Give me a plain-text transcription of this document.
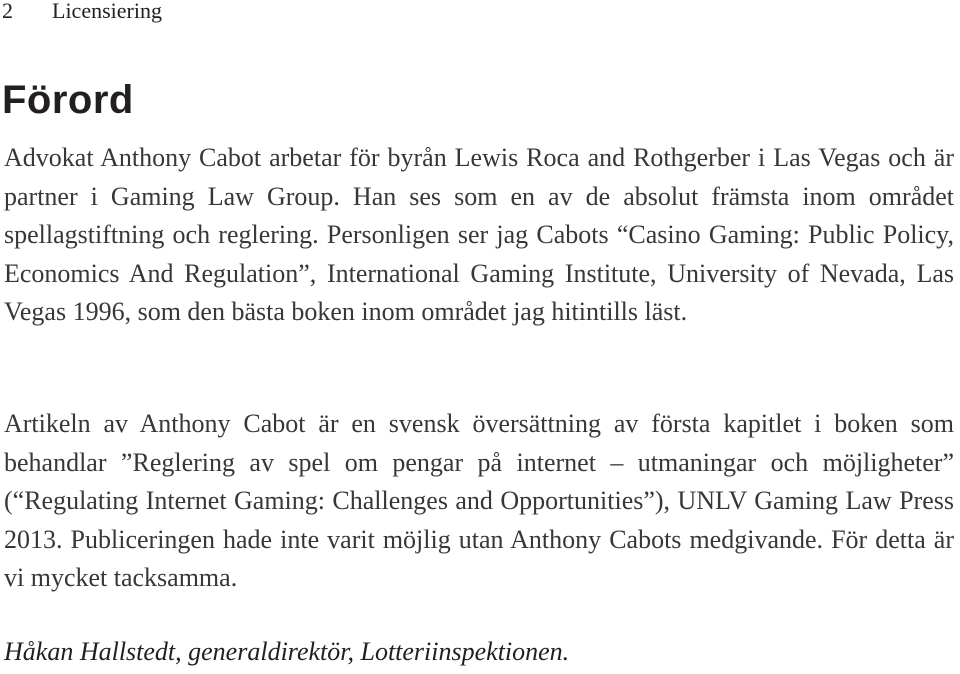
2 Licensiering
Förord

Advokat Anthony Cabot arbetar för byrån Lewis Roca and Rothgerber i Las Vegas och är partner i Gaming Law Group. Han ses som en av de absolut främsta inom området spellagstiftning och reglering. Personligen ser jag Cabots “Casino Gaming: Public Policy, Economics And Regulation”, International Gaming Institute, University of Nevada, Las Vegas 1996, som den bästa boken inom området jag hitintills läst.

Artikeln av Anthony Cabot är en svensk översättning av första kapitlet i boken som behandlar ”Reglering av spel om pengar på internet – utmaningar och möjligheter” (“Regulating Internet Gaming: Challenges and Opportunities”), UNLV Gaming Law Press 2013. Publiceringen hade inte varit möjlig utan Anthony Cabots medgivande. För detta är vi mycket tacksamma.

Håkan Hallstedt, generaldirektör, Lotteriinspektionen.
